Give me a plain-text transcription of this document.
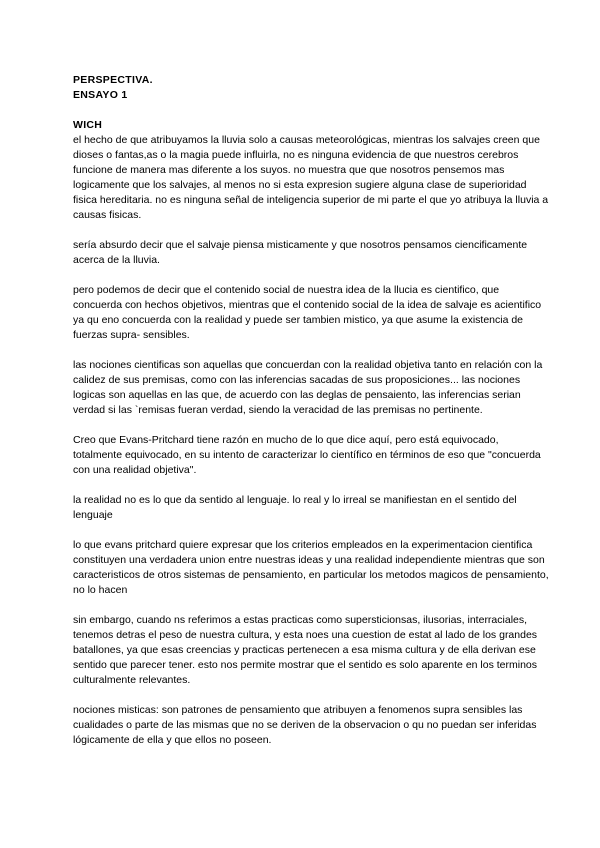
PERSPECTIVA.
ENSAYO 1
WICH

el hecho de que atribuyamos la lluvia solo a causas meteorológicas, mientras los salvajes creen que dioses o fantas,as o la magia puede influirla, no es ninguna evidencia de que nuestros cerebros funcione de manera mas diferente a los suyos. no muestra que que nosotros pensemos mas logicamente que los salvajes, al menos no si esta expresion sugiere alguna clase de superioridad fisica hereditaria. no es ninguna señal de inteligencia superior de mi parte el que yo atribuya la lluvia a causas fisicas.

sería absurdo decir que el salvaje piensa misticamente y que nosotros pensamos ciencificamente acerca de la lluvia.

pero podemos de decir que el contenido social de nuestra idea de la llucia es cientifico, que concuerda con hechos objetivos, mientras que el contenido social de la idea de salvaje es acientifico ya qu eno concuerda con la realidad y puede ser tambien mistico, ya que asume la existencia de fuerzas supra- sensibles.

las nociones cientificas son aquellas que concuerdan con la realidad objetiva tanto en relación con la calidez de sus premisas, como con las inferencias sacadas de sus proposiciones... las nociones logicas son aquellas en las que, de acuerdo con las deglas de pensaiento, las inferencias serian verdad si las `remisas fueran verdad, siendo la veracidad de las premisas no pertinente.

Creo que Evans-Pritchard tiene razón en mucho de lo que dice aquí, pero está equivocado, totalmente equivocado, en su intento de caracterizar lo científico en términos de eso que "concuerda con una realidad objetiva".

la realidad no es lo que da sentido al lenguaje. lo real y lo irreal se manifiestan en el sentido del lenguaje

lo que evans pritchard quiere expresar que los criterios empleados en la experimentacion cientifica constituyen una verdadera union entre nuestras ideas y una realidad independiente mientras que son caracteristicos de otros sistemas de pensamiento, en particular los metodos magicos de pensamiento, no lo hacen

sin embargo, cuando ns referimos a estas practicas como supersticionsas, ilusorias, interraciales, tenemos detras el peso de nuestra cultura, y esta noes una cuestion de estat al lado de los grandes batallones, ya que esas creencias y practicas pertenecen a esa misma cultura y de ella derivan ese sentido que parecer tener. esto nos permite mostrar que el sentido es solo aparente en los terminos culturalmente relevantes.

nociones misticas: son patrones de pensamiento que atribuyen a fenomenos supra sensibles las cualidades o parte de las mismas que no se deriven de la observacion o qu no puedan ser inferidas lógicamente de ella y que ellos no poseen.
